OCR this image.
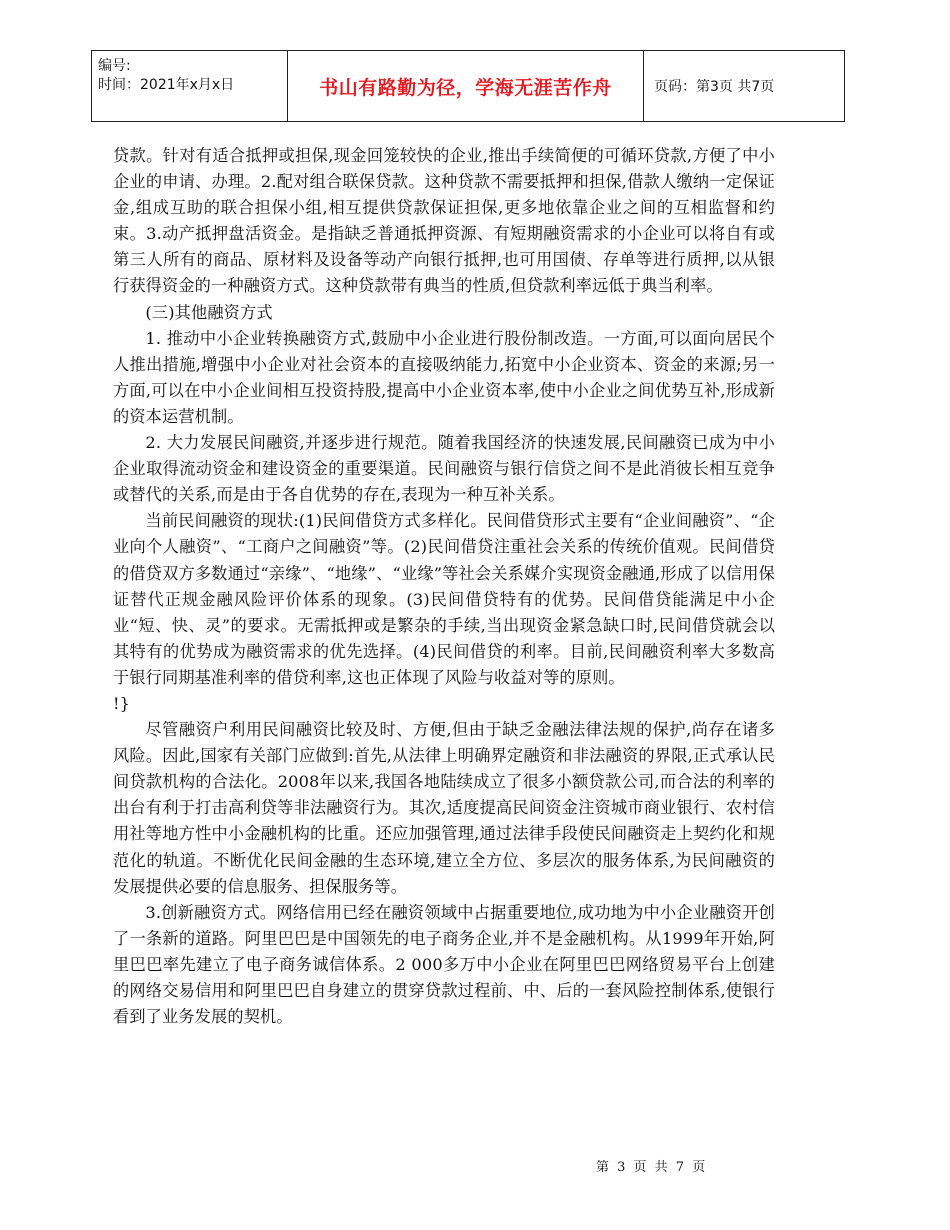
编号:
时间：2021年x月x日	书山有路勤为径，学海无涯苦作舟	页码：第3页 共7页

贷款。针对有适合抵押或担保,现金回笼较快的企业,推出手续简便的可循环贷款,方便了中小企业的申请、办理。2.配对组合联保贷款。这种贷款不需要抵押和担保,借款人缴纳一定保证金,组成互助的联合担保小组,相互提供贷款保证担保,更多地依靠企业之间的互相监督和约束。3.动产抵押盘活资金。是指缺乏普通抵押资源、有短期融资需求的小企业可以将自有或第三人所有的商品、原材料及设备等动产向银行抵押,也可用国债、存单等进行质押,以从银行获得资金的一种融资方式。这种贷款带有典当的性质,但贷款利率远低于典当利率。

(三)其他融资方式

1. 推动中小企业转换融资方式,鼓励中小企业进行股份制改造。一方面,可以面向居民个人推出措施,增强中小企业对社会资本的直接吸纳能力,拓宽中小企业资本、资金的来源;另一方面,可以在中小企业间相互投资持股,提高中小企业资本率,使中小企业之间优势互补,形成新的资本运营机制。

2. 大力发展民间融资,并逐步进行规范。随着我国经济的快速发展,民间融资已成为中小企业取得流动资金和建设资金的重要渠道。民间融资与银行信贷之间不是此消彼长相互竞争或替代的关系,而是由于各自优势的存在,表现为一种互补关系。

当前民间融资的现状:(1)民间借贷方式多样化。民间借贷形式主要有“企业间融资”、“企业向个人融资”、“工商户之间融资”等。(2)民间借贷注重社会关系的传统价值观。民间借贷的借贷双方多数通过“亲缘”、“地缘”、“业缘”等社会关系媒介实现资金融通,形成了以信用保证替代正规金融风险评价体系的现象。(3)民间借贷特有的优势。民间借贷能满足中小企业“短、快、灵”的要求。无需抵押或是繁杂的手续,当出现资金紧急缺口时,民间借贷就会以其特有的优势成为融资需求的优先选择。(4)民间借贷的利率。目前,民间融资利率大多数高于银行同期基准利率的借贷利率,这也正体现了风险与收益对等的原则。

!}

尽管融资户利用民间融资比较及时、方便,但由于缺乏金融法律法规的保护,尚存在诸多风险。因此,国家有关部门应做到:首先,从法律上明确界定融资和非法融资的界限,正式承认民间贷款机构的合法化。2008年以来,我国各地陆续成立了很多小额贷款公司,而合法的利率的出台有利于打击高利贷等非法融资行为。其次,适度提高民间资金注资城市商业银行、农村信用社等地方性中小金融机构的比重。还应加强管理,通过法律手段使民间融资走上契约化和规范化的轨道。不断优化民间金融的生态环境,建立全方位、多层次的服务体系,为民间融资的发展提供必要的信息服务、担保服务等。

3.创新融资方式。网络信用已经在融资领域中占据重要地位,成功地为中小企业融资开创了一条新的道路。阿里巴巴是中国领先的电子商务企业,并不是金融机构。从1999年开始,阿里巴巴率先建立了电子商务诚信体系。2 000多万中小企业在阿里巴巴网络贸易平台上创建的网络交易信用和阿里巴巴自身建立的贯穿贷款过程前、中、后的一套风险控制体系,使银行看到了业务发展的契机。

第 3 页 共 7 页
